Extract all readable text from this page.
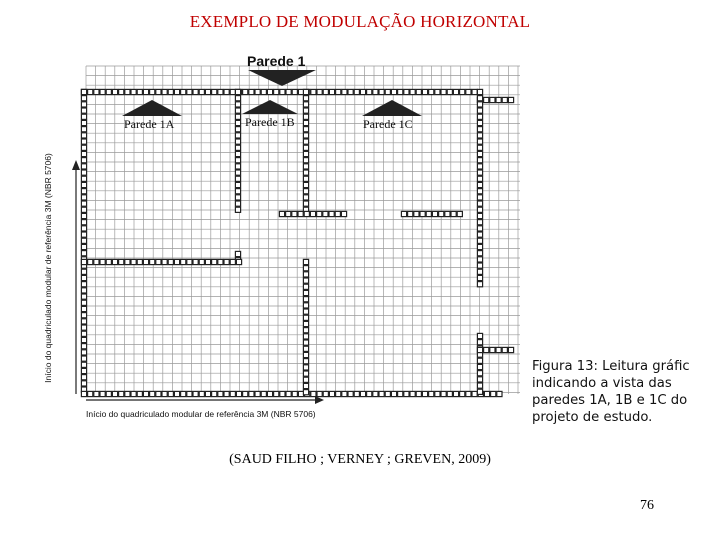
EXEMPLO DE MODULAÇÃO HORIZONTAL
Parede 1
Parede 1A	Parede 1B	Parede 1C
Início do quadriculado modular de referência 3M (NBR 5706)
Início do quadriculado modular de referência 3M (NBR 5706)	Figura 13: Leitura gráfic
indicando a vista das
paredes 1A, 1B e 1C do
projeto de estudo.
(SAUD FILHO ; VERNEY ; GREVEN, 2009)
76
